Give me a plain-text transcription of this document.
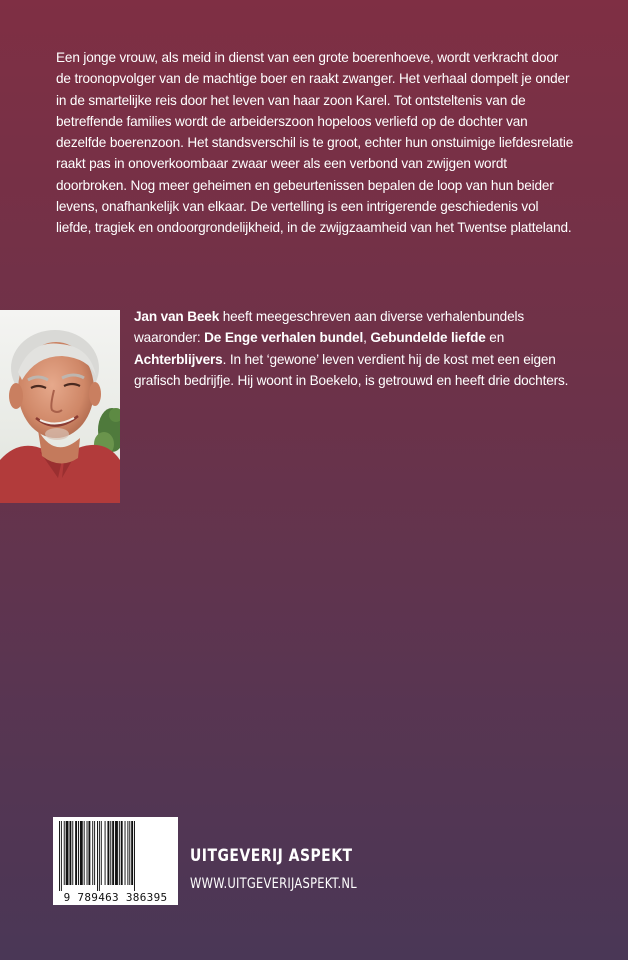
Een jonge vrouw, als meid in dienst van een grote boerenhoeve, wordt verkracht door de troonopvolger van de machtige boer en raakt zwanger. Het verhaal dompelt je onder in de smartelijke reis door het leven van haar zoon Karel. Tot ontsteltenis van de betreffende families wordt de arbeiderszoon hopeloos verliefd op de dochter van dezelfde boerenzoon. Het standsverschil is te groot, echter hun onstuimige liefdesrelatie raakt pas in onoverkoombaar zwaar weer als een verbond van zwijgen wordt doorbroken. Nog meer geheimen en gebeurtenissen bepalen de loop van hun beider levens, onafhankelijk van elkaar. De vertelling is een intrigerende geschiedenis vol liefde, tragiek en ondoorgrondelijkheid, in de zwijgzaamheid van het Twentse platteland.

Jan van Beek heeft meegeschreven aan diverse verhalenbundels waaronder: De Enge verhalen bundel, Gebundelde liefde en Achterblijvers. In het ‘gewone’ leven verdient hij de kost met een eigen grafisch bedrijfje. Hij woont in Boekelo, is getrouwd en heeft drie dochters.

9 789463 386395

UITGEVERIJ ASPEKT

WWW.UITGEVERIJASPEKT.NL
